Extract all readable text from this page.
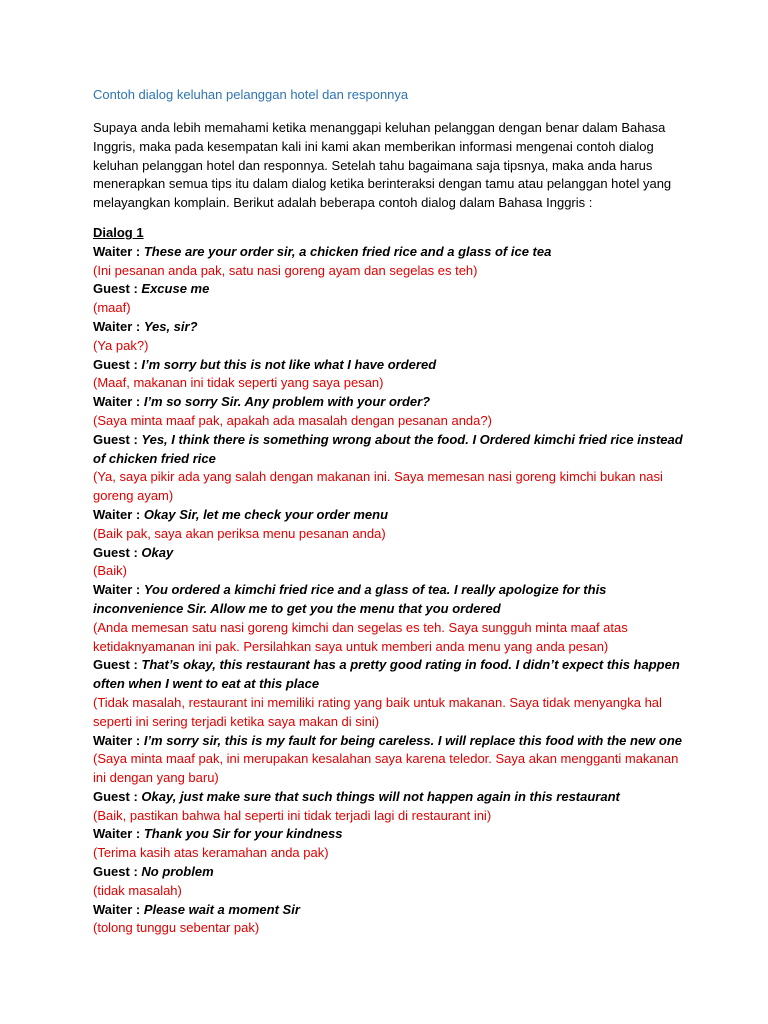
Contoh dialog keluhan pelanggan hotel dan responnya
Supaya anda lebih memahami ketika menanggapi keluhan pelanggan dengan benar dalam Bahasa Inggris, maka pada kesempatan kali ini kami akan memberikan informasi mengenai contoh dialog keluhan pelanggan hotel dan responnya. Setelah tahu bagaimana saja tipsnya, maka anda harus menerapkan semua tips itu dalam dialog ketika berinteraksi dengan tamu atau pelanggan hotel yang melayangkan komplain. Berikut adalah beberapa contoh dialog dalam Bahasa Inggris :
Dialog 1
Waiter : These are your order sir, a chicken fried rice and a glass of ice tea
(Ini pesanan anda pak, satu nasi goreng ayam dan segelas es teh)
Guest : Excuse me
(maaf)
Waiter : Yes, sir?
(Ya pak?)
Guest : I’m sorry but this is not like what I have ordered
(Maaf, makanan ini tidak seperti yang saya pesan)
Waiter : I’m so sorry Sir. Any problem with your order?
(Saya minta maaf pak, apakah ada masalah dengan pesanan anda?)
Guest : Yes, I think there is something wrong about the food. I Ordered kimchi fried rice instead of chicken fried rice
(Ya, saya pikir ada yang salah dengan makanan ini. Saya memesan nasi goreng kimchi bukan nasi goreng ayam)
Waiter : Okay Sir, let me check your order menu
(Baik pak, saya akan periksa menu pesanan anda)
Guest : Okay
(Baik)
Waiter : You ordered a kimchi fried rice and a glass of tea. I really apologize for this inconvenience Sir. Allow me to get you the menu that you ordered
(Anda memesan satu nasi goreng kimchi dan segelas es teh. Saya sungguh minta maaf atas ketidaknyamanan ini pak. Persilahkan saya untuk memberi anda menu yang anda pesan)
Guest : That’s okay, this restaurant has a pretty good rating in food. I didn’t expect this happen often when I went to eat at this place
(Tidak masalah, restaurant ini memiliki rating yang baik untuk makanan. Saya tidak menyangka hal seperti ini sering terjadi ketika saya makan di sini)
Waiter : I’m sorry sir, this is my fault for being careless. I will replace this food with the new one
(Saya minta maaf pak, ini merupakan kesalahan saya karena teledor. Saya akan mengganti makanan ini dengan yang baru)
Guest : Okay, just make sure that such things will not happen again in this restaurant
(Baik, pastikan bahwa hal seperti ini tidak terjadi lagi di restaurant ini)
Waiter : Thank you Sir for your kindness
(Terima kasih atas keramahan anda pak)
Guest : No problem
(tidak masalah)
Waiter : Please wait a moment Sir
(tolong tunggu sebentar pak)
